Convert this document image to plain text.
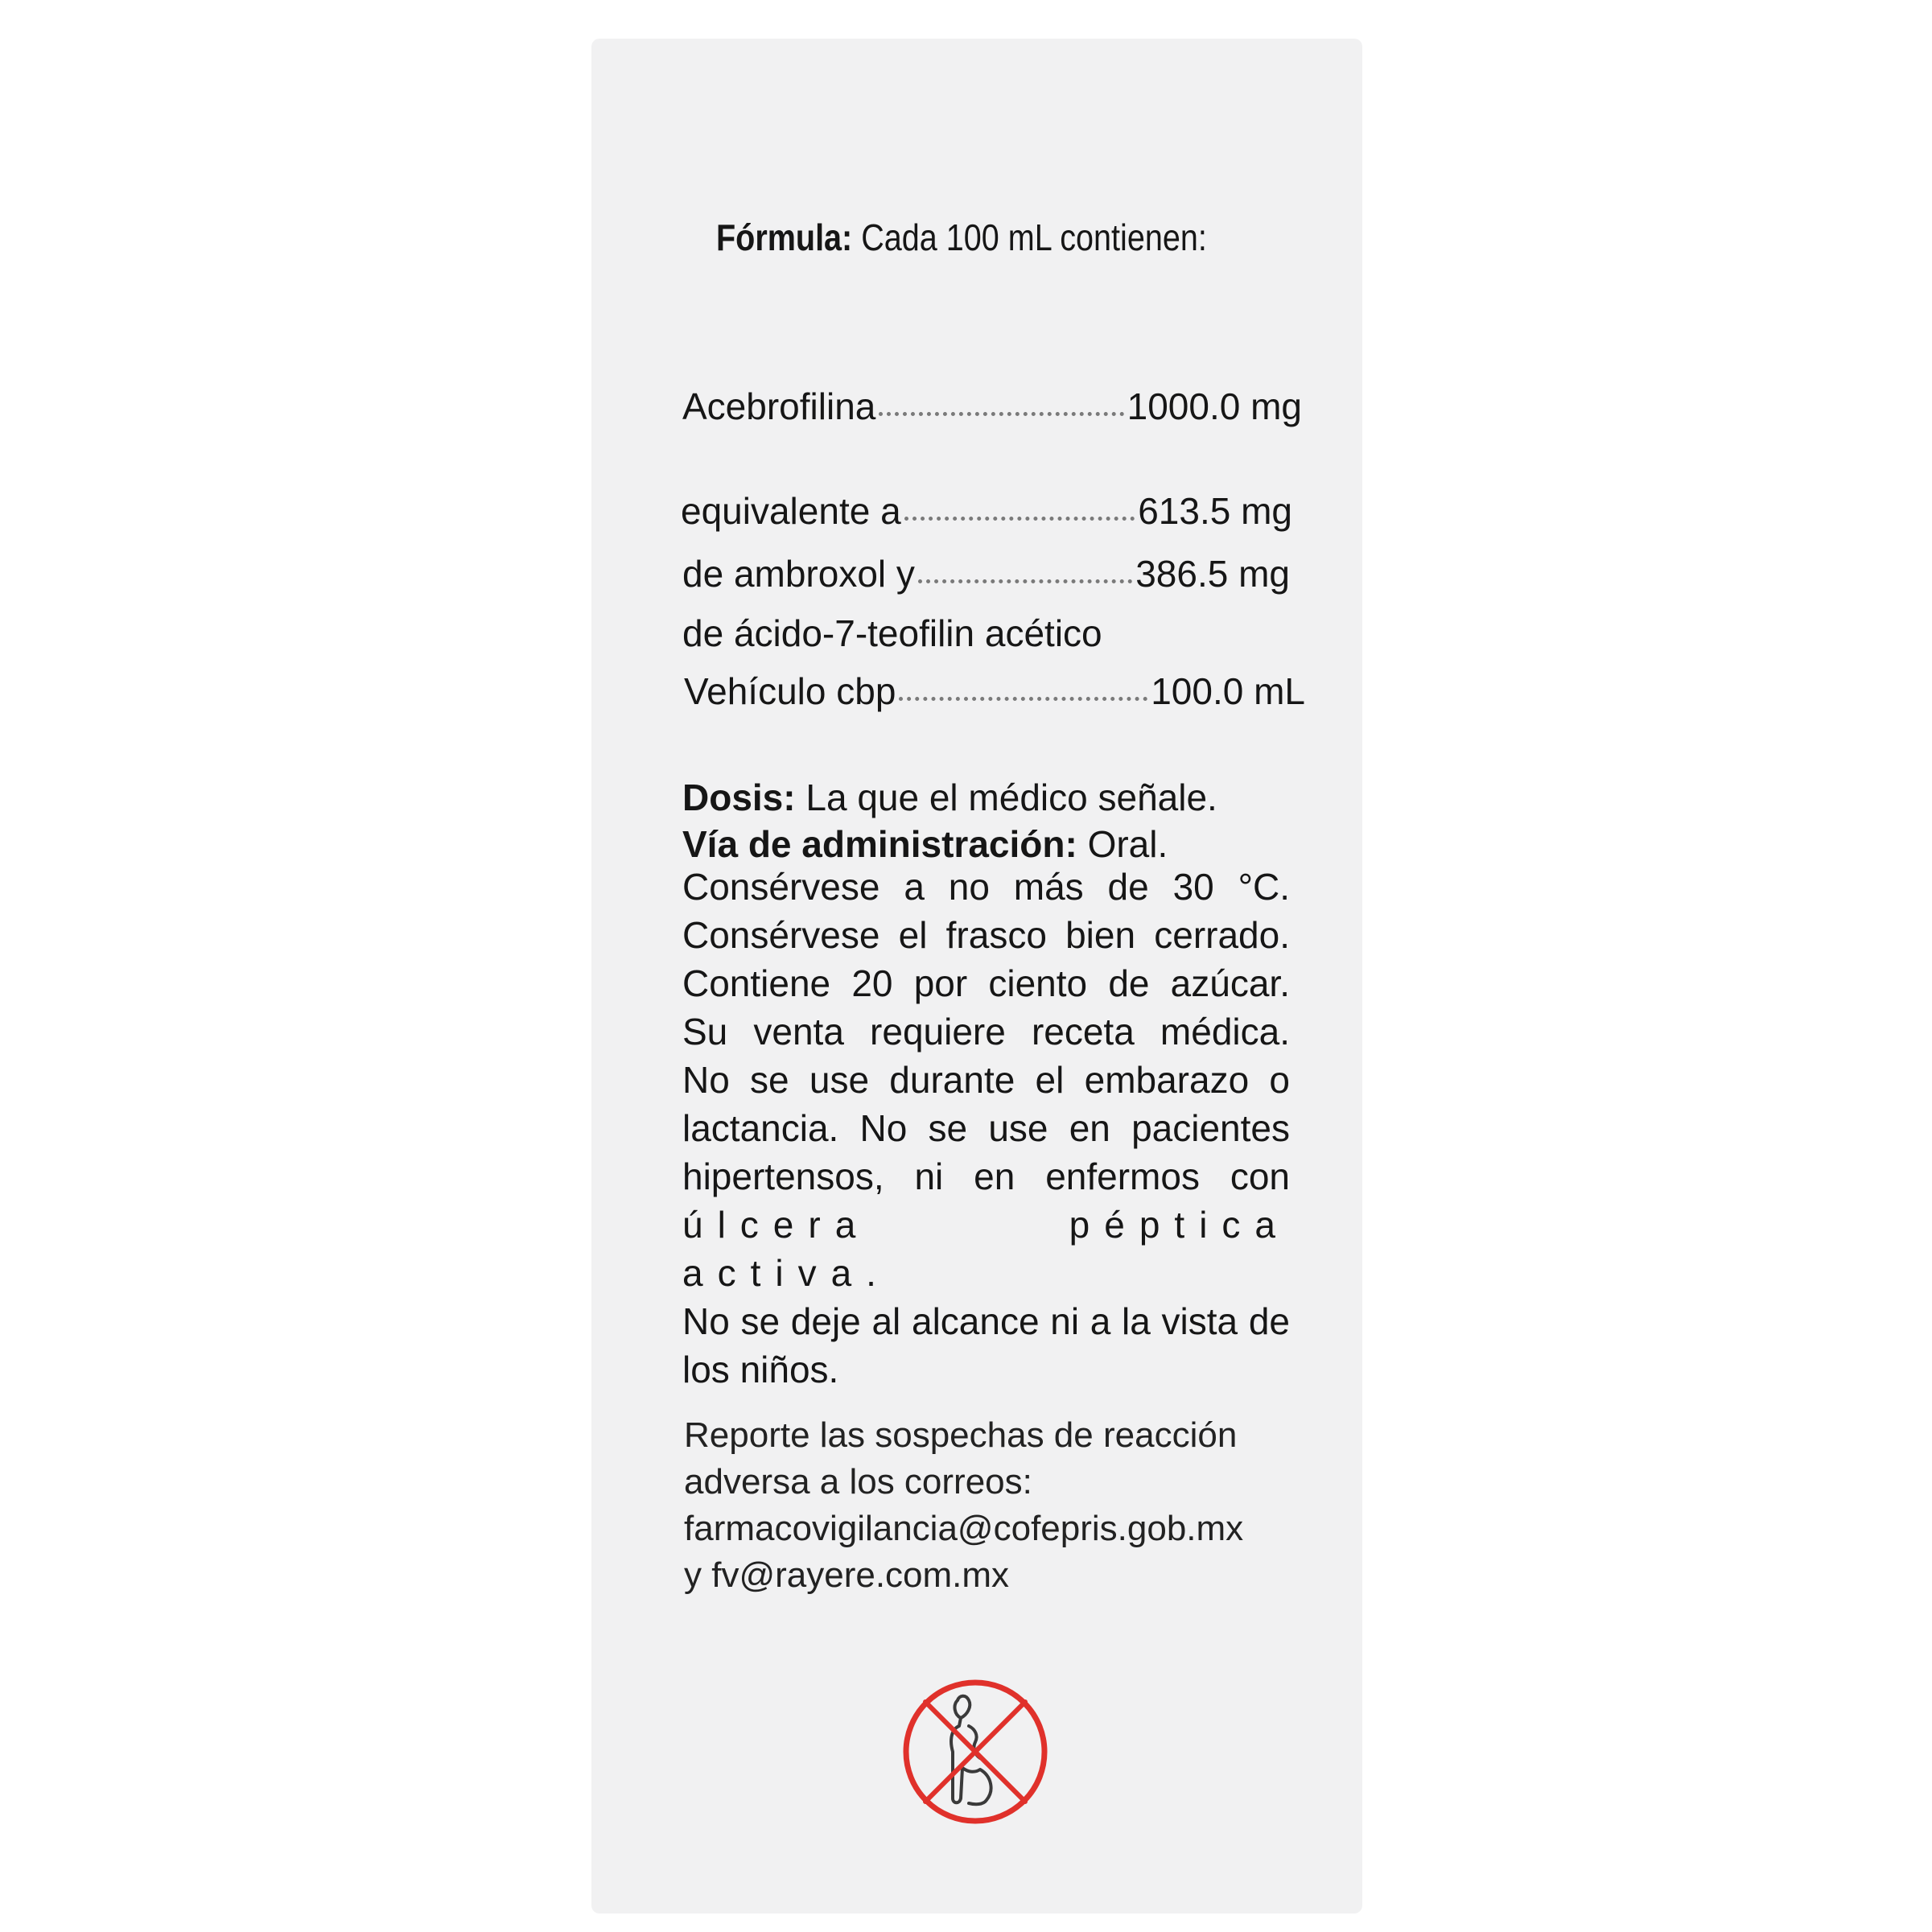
Fórmula: Cada 100 mL contienen:
Acebrofilina	1000.0 mg
equivalente a	613.5 mg
de ambroxol y	386.5 mg
de ácido-7-teofilin acético
Vehículo cbp	100.0 mL
Dosis: La que el médico señale.
Vía de administración: Oral.
Consérvese a no más de 30 °C.
Consérvese el frasco bien cerrado.
Contiene 20 por ciento de azúcar.
Su venta requiere receta médica.
No se use durante el embarazo o
lactancia. No se use en pacientes
hipertensos, ni en enfermos con
úlcera péptica activa.
No se deje al alcance ni a la vista de
los niños.
Reporte las sospechas de reacción
adversa a los correos:
farmacovigilancia@cofepris.gob.mx
y fv@rayere.com.mx
